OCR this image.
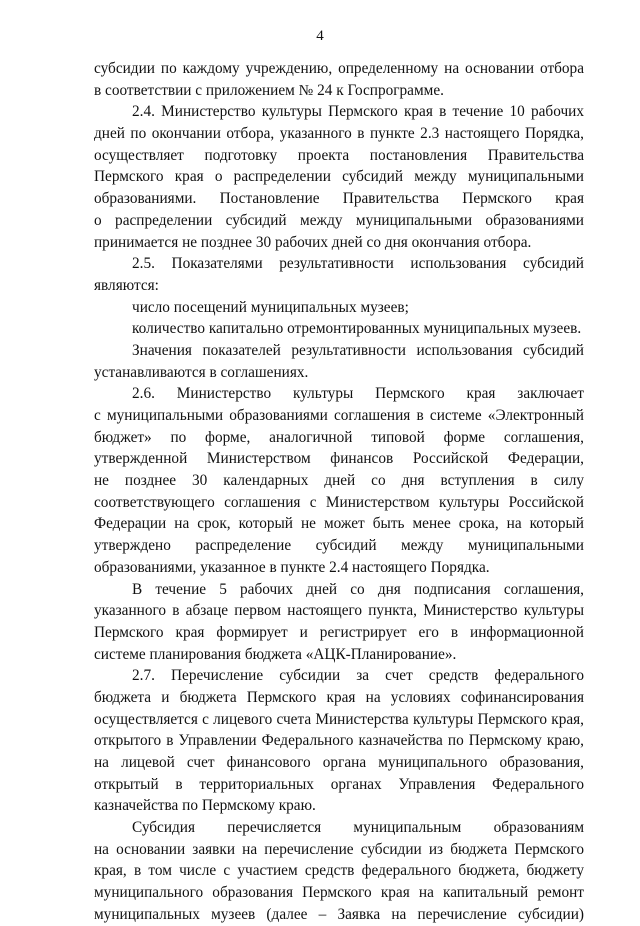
4
субсидии по каждому учреждению, определенному на основании отбора
в соответствии с приложением № 24 к Госпрограмме.
2.4. Министерство культуры Пермского края в течение 10 рабочих
дней по окончании отбора, указанного в пункте 2.3 настоящего Порядка,
осуществляет подготовку проекта постановления Правительства
Пермского края о распределении субсидий между муниципальными
образованиями. Постановление Правительства Пермского края
о распределении субсидий между муниципальными образованиями
принимается не позднее 30 рабочих дней со дня окончания отбора.
2.5. Показателями результативности использования субсидий
являются:
число посещений муниципальных музеев;
количество капитально отремонтированных муниципальных музеев.
Значения показателей результативности использования субсидий
устанавливаются в соглашениях.
2.6. Министерство культуры Пермского края заключает
с муниципальными образованиями соглашения в системе «Электронный
бюджет» по форме, аналогичной типовой форме соглашения,
утвержденной Министерством финансов Российской Федерации,
не позднее 30 календарных дней со дня вступления в силу
соответствующего соглашения с Министерством культуры Российской
Федерации на срок, который не может быть менее срока, на который
утверждено распределение субсидий между муниципальными
образованиями, указанное в пункте 2.4 настоящего Порядка.
В течение 5 рабочих дней со дня подписания соглашения,
указанного в абзаце первом настоящего пункта, Министерство культуры
Пермского края формирует и регистрирует его в информационной
системе планирования бюджета «АЦК-Планирование».
2.7. Перечисление субсидии за счет средств федерального
бюджета и бюджета Пермского края на условиях софинансирования
осуществляется с лицевого счета Министерства культуры Пермского края,
открытого в Управлении Федерального казначейства по Пермскому краю,
на лицевой счет финансового органа муниципального образования,
открытый в территориальных органах Управления Федерального
казначейства по Пермскому краю.
Субсидия перечисляется муниципальным образованиям
на основании заявки на перечисление субсидии из бюджета Пермского
края, в том числе с участием средств федерального бюджета, бюджету
муниципального образования Пермского края на капитальный ремонт
муниципальных музеев (далее – Заявка на перечисление субсидии)
